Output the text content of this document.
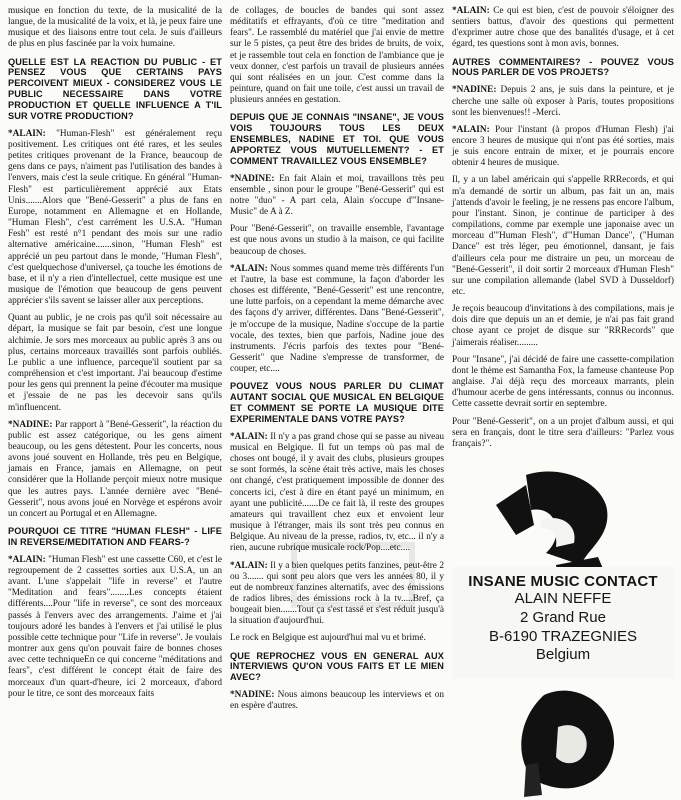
musique en fonction du texte, de la musicalité de la langue, de la musicalité de la voix, et là, je peux faire une musique et des liaisons entre tout cela. Je suis d'ailleurs de plus en plus fascinée par la voix humaine.

QUELLE EST LA REACTION DU PUBLIC - ET PENSEZ VOUS QUE CERTAINS PAYS PERCOIVENT MIEUX - CONSIDEREZ VOUS LE PUBLIC NECESSAIRE DANS VOTRE PRODUCTION ET QUELLE INFLUENCE A T'IL SUR VOTRE PRODUCTION?

*ALAIN: "Human-Flesh" est généralement reçu positivement. Les critiques ont été rares, et les seules petites critiques provenant de la France, beaucoup de gens dans ce pays, n'aiment pas l'utilisation des bandes à l'envers, mais c'est la seule critique. En général "Human-Flesh" est particulièrement apprécié aux Etats Unis.......Alors que "Bené-Gesserit" a plus de fans en Europe, notamment en Allemagne et en Hollande, "Human Flesh", c'est carrément les U.S.A. "Human Fesh" est resté n°1 pendant des mois sur une radio alternative américaine.......sinon, "Human Flesh" est apprécié un peu partout dans le monde, "Human Flesh", c'est quelquechose d'universel, ça touche les émotions de base, et il n'y a rien d'intellectuel, cette musique est une musique de l'émotion que beaucoup de gens peuvent apprécier s'ils savent se laisser aller aux perceptions.

Quant au public, je ne crois pas qu'il soit nécessaire au départ, la musique se fait par besoin, c'est une longue alchimie. Je sors mes morceaux au public après 3 ans ou plus, certains morceaux travaillés sont parfois oubliés. Le public a une influence, parceque'il soutient par sa compréhension et c'est important. J'ai beaucoup d'estime pour les gens qui prennent la peine d'écouter ma musique et j'essaie de ne pas les decevoir sans qu'ils m'influencent.

*NADINE: Par rapport à "Bené-Gesserit", la réaction du public est assez catégorique, ou les gens aiment beaucoup, ou les gens détestent. Pour les concerts, nous avons joué souvent en Hollande, très peu en Belgique, jamais en France, jamais en Allemagne, on peut considérer que la Hollande perçoit mieux notre musique que les autres pays. L'année dernière avec "Bené-Gesserit", nous avons joué en Norvège et espérons avoir un concert au Portugal et en Allemagne.

POURQUOI CE TITRE "HUMAN FLESH" - LIFE IN REVERSE/MEDITATION AND FEARS-?

*ALAIN: "Human Flesh" est une cassette C60, et c'est le regroupement de 2 cassettes sorties aux U.S.A, un an avant. L'une s'appelait "life in reverse" et l'autre "Meditation and fears"........Les concepts étaient différents....Pour "life in reverse", ce sont des morceaux passés à l'envers avec des arrangements. J'aime et j'ai toujours adoré les bandes à l'envers et j'ai utilisé le plus possible cette technique pour "Life in reverse". Je voulais montrer aux gens qu'on pouvait faire de bonnes choses avec cette techniqueEn ce qui concerne "méditations and fears", c'est différent le concept était de faire des morceaux d'un quart-d'heure, ici 2 morceaux, d'abord pour le titre, ce sont des morceaux faits

de collages, de boucles de bandes qui sont assez méditatifs et effrayants, d'où ce titre "meditation and fears". Le rassemblé du matériel que j'ai envie de mettre sur le 5 pistes, ça peut être des brides de bruits, de voix, et je rassemble tout cela en fonction de l'ambiance que je veux donner, c'est parfois un travail de plusieurs années qui sont réalisées en un jour. C'est comme dans la peinture, quand on fait une toile, c'est aussi un travail de plusieurs années en gestation.

DEPUIS QUE JE CONNAIS "INSANE", JE VOUS VOIS TOUJOURS TOUS LES DEUX ENSEMBLES, NADINE ET TOI. QUE VOUS APPORTEZ VOUS MUTUELLEMENT? - ET COMMENT TRAVAILLEZ VOUS ENSEMBLE?

*NADINE: En fait Alain et moi, travaillons très peu ensemble , sinon pour le groupe "Bené-Gesserit" qui est notre "duo" - A part cela, Alain s'occupe d'"Insane-Music" de A à Z.

Pour "Bené-Gesserit", on travaille ensemble, l'avantage est que nous avons un studio à la maison, ce qui facilite beaucoup de choses.

*ALAIN: Nous sommes quand meme très différents l'un et l'autre, la base est commune, la façon d'aborder les choses est différente, "Bené-Gesserit" est une rencontre, une lutte parfois, on a cependant la meme démarche avec des façons d'y arriver, différentes. Dans "Bené-Gesserit", je m'occupe de la musique, Nadine s'occupe de la partie vocale, des textes, bien que parfois, Nadine joue des instruments. J'écris parfois des textes pour "Bené-Gesserit" que Nadine s'empresse de transformer, de couper, etc....

POUVEZ VOUS NOUS PARLER DU CLIMAT AUTANT SOCIAL QUE MUSICAL EN BELGIQUE ET COMMENT SE PORTE LA MUSIQUE DITE EXPERIMENTALE DANS VOTRE PAYS?

*ALAIN: Il n'y a pas grand chose qui se passe au niveau musical en Belgique. Il fut un temps où pas mal de choses ont bougé, il y avait des clubs, plusieurs groupes se sont formés, la scène était très active, mais les choses ont changé, c'est pratiquement impossible de donner des concerts ici, c'est à dire en étant payé un minimum, en ayant une publicité.......De ce fait là, il reste des groupes amateurs qui travaillent chez eux et envoient leur musique à l'étranger, mais ils sont très peu connus en Belgique. Au niveau de la presse, radios, tv, etc... il n'y a rien, aucune rubrique musicale rock/Pop....etc....

*ALAIN: Il y a bien quelques petits fanzines, peut-être 2 ou 3....... qui sont peu alors que vers les années 80, il y eut de nombreux fanzines alternatifs, avec des émissions de radios libres, des émissions rock à la tv.....Bref, ça bougeait bien.......Tout ça s'est tassé et s'est réduit jusqu'à la situation d'aujourd'hui.

Le rock en Belgique est aujourd'hui mal vu et brimé.

QUE REPROCHEZ VOUS EN GENERAL AUX INTERVIEWS QU'ON VOUS FAITS ET LE MIEN AVEC?

*NADINE: Nous aimons beaucoup les interviews et on en espère d'autres.

*ALAIN: Ce qui est bien, c'est de pouvoir s'éloigner des sentiers battus, d'avoir des questions qui permettent d'exprimer autre chose que des banalités d'usage, et à cet égard, tes questions sont à mon avis, bonnes.

AUTRES COMMENTAIRES? - POUVEZ VOUS NOUS PARLER DE VOS PROJETS?

*NADINE: Depuis 2 ans, je suis dans la peinture, et je cherche une salle où exposer à Paris, toutes propositions sont les bienvenues!! -Merci.

*ALAIN: Pour l'instant (à propos d'Human Flesh) j'ai encore 3 heures de musique qui n'ont pas été sorties, mais je suis encore entrain de mixer, et je pourrais encore obtenir 4 heures de musique.

Il, y a un label américain qui s'appelle RRRecords, et qui m'a demandé de sortir un album, pas fait un an, mais j'attends d'avoir le feeling, je ne ressens pas encore l'album, pour l'instant. Sinon, je continue de participer à des compilations, comme par exemple une japonaise avec un morceau d'"Human Flesh", d'"Human Dance", ("Human Dance" est très léger, peu émotionnel, dansant, je fais d'ailleurs cela pour me distraire un peu, un morceau de "Bené-Gesserit", il doit sortir 2 morceaux d'Human Flesh" sur une compilation allemande (label SVD à Dusseldorf) etc.

Je reçois beaucoup d'invitations à des compilations, mais je dois dire que depuis un an et demie, je n'ai pas fait grand chose ayant ce projet de disque sur "RRRecords" que j'aimerais réaliser.........

Pour "Insane", j'ai décidé de faire une cassette-compilation dont le thème est Samantha Fox, la fameuse chanteuse Pop anglaise. J'ai déjà reçu des morceaux marrants, plein d'humour acerbe de gens intéressants, connus ou inconnus. Cette cassette devrait sortir en septembre.

Pour "Bené-Gesserit", on a un projet d'album aussi, et qui sera en français, dont le titre sera d'ailleurs: "Parlez vous français?".

INSANE MUSIC CONTACT
ALAIN NEFFE
2 Grand Rue
B-6190 TRAZEGNIES
Belgium
